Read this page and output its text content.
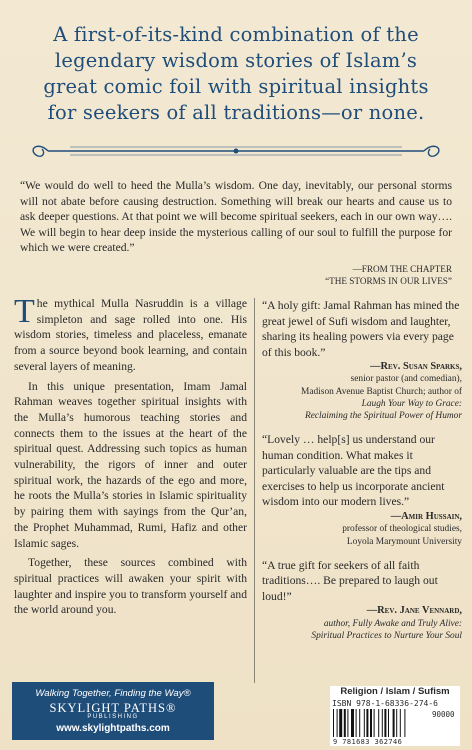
A first-of-its-kind combination of the
legendary wisdom stories of Islam’s
great comic foil with spiritual insights
for seekers of all traditions—or none.
“We would do well to heed the Mulla’s wisdom. One day, inevitably, our personal storms will not abate before causing destruction. Something will break our hearts and cause us to ask deeper questions. At that point we will become spiritual seekers, each in our own way…. We will begin to hear deep inside the mysterious calling of our soul to fulfill the purpose for which we were created.”
—FROM THE CHAPTER
“THE STORMS IN OUR LIVES”

The mythical Mulla Nasruddin is a village simpleton and sage rolled into one. His wisdom stories, timeless and placeless, emanate from a source beyond book learning, and contain several layers of meaning.

In this unique presentation, Imam Jamal Rahman weaves together spiritual insights with the Mulla’s humorous teaching stories and connects them to the issues at the heart of the spiritual quest. Addressing such topics as human vulnerability, the rigors of inner and outer spiritual work, the hazards of the ego and more, he roots the Mulla’s stories in Islamic spirituality by pairing them with sayings from the Qur’an, the Prophet Muhammad, Rumi, Hafiz and other Islamic sages.

Together, these sources combined with spiritual practices will awaken your spirit with laughter and inspire you to transform yourself and the world around you.

“A holy gift: Jamal Rahman has mined the great jewel of Sufi wisdom and laughter, sharing its healing powers via every page of this book.”
—Rev. Susan Sparks,
senior pastor (and comedian),
Madison Avenue Baptist Church; author of
Laugh Your Way to Grace:
Reclaiming the Spiritual Power of Humor
“Lovely … help[s] us understand our human condition. What makes it particularly valuable are the tips and exercises to help us incorporate ancient wisdom into our modern lives.”
—Amir Hussain,
professor of theological studies,
Loyola Marymount University
“A true gift for seekers of all faith traditions…. Be prepared to laugh out loud!”
—Rev. Jane Vennard,
author, Fully Awake and Truly Alive:
Spiritual Practices to Nurture Your Soul
Walking Together, Finding the Way®
SKYLIGHT PATHS®
PUBLISHING
www.skylightpaths.com
Religion / Islam / Sufism
ISBN 978-1-68336-274-6
90000
9 781683 362746
